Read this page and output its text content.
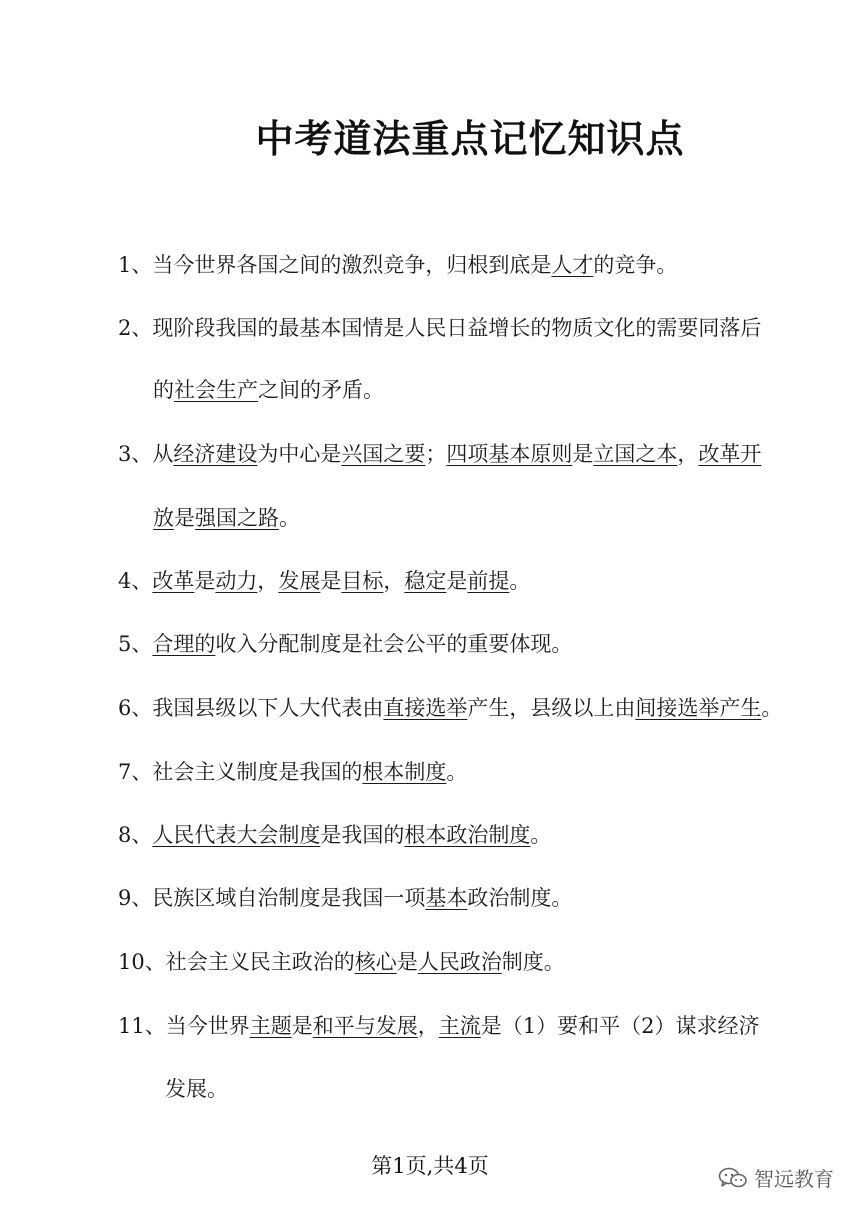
中考道法重点记忆知识点
1、当今世界各国之间的激烈竞争，归根到底是人才的竞争。
2、现阶段我国的最基本国情是人民日益增长的物质文化的需要同落后
的社会生产之间的矛盾。
3、从经济建设为中心是兴国之要；四项基本原则是立国之本，改革开
放是强国之路。
4、改革是动力，发展是目标，稳定是前提。
5、合理的收入分配制度是社会公平的重要体现。
6、我国县级以下人大代表由直接选举产生，县级以上由间接选举产生。
7、社会主义制度是我国的根本制度。
8、人民代表大会制度是我国的根本政治制度。
9、民族区域自治制度是我国一项基本政治制度。
10、社会主义民主政治的核心是人民政治制度。
11、当今世界主题是和平与发展，主流是（1）要和平（2）谋求经济
发展。
第1页,共4页
智远教育
